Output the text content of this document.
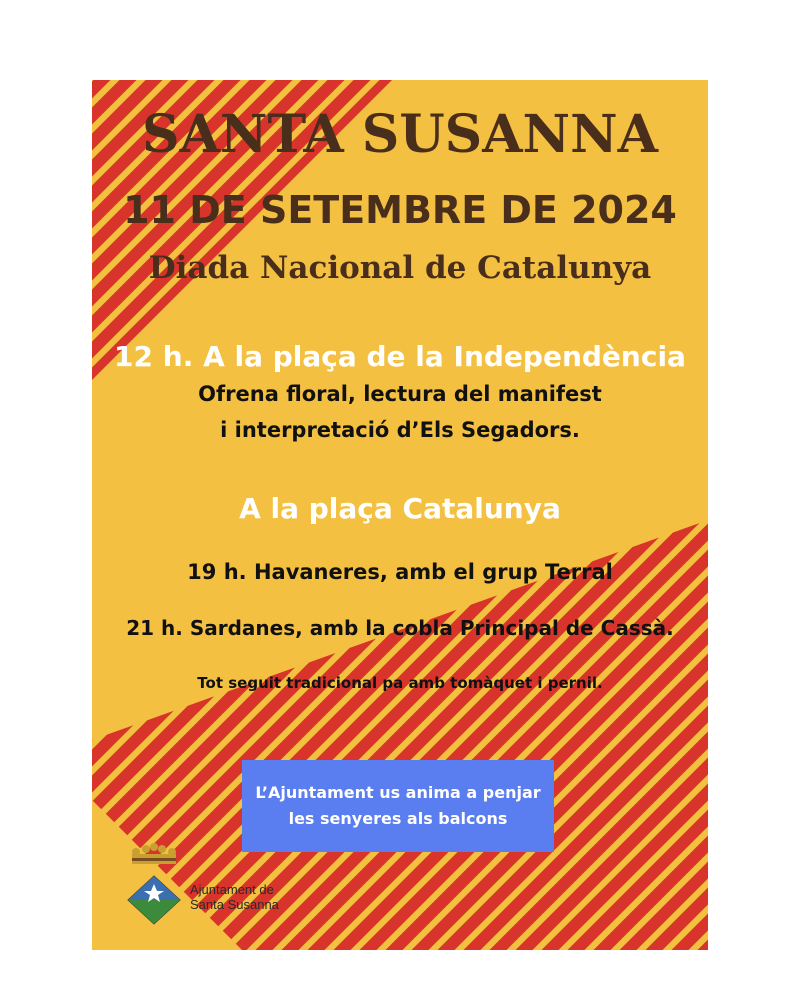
SANTA SUSANNA
11 DE SETEMBRE DE 2024
Diada Nacional de Catalunya
12 h. A la plaça de la Independència
Ofrena floral, lectura del manifest
i interpretació d’Els Segadors.
A la plaça Catalunya
19 h. Havaneres, amb el grup Terral
21 h. Sardanes, amb la cobla Principal de Cassà.
Tot seguit tradicional pa amb tomàquet i pernil.
L’Ajuntament us anima a penjar
les senyeres als balcons
Ajuntament de
Santa Susanna
